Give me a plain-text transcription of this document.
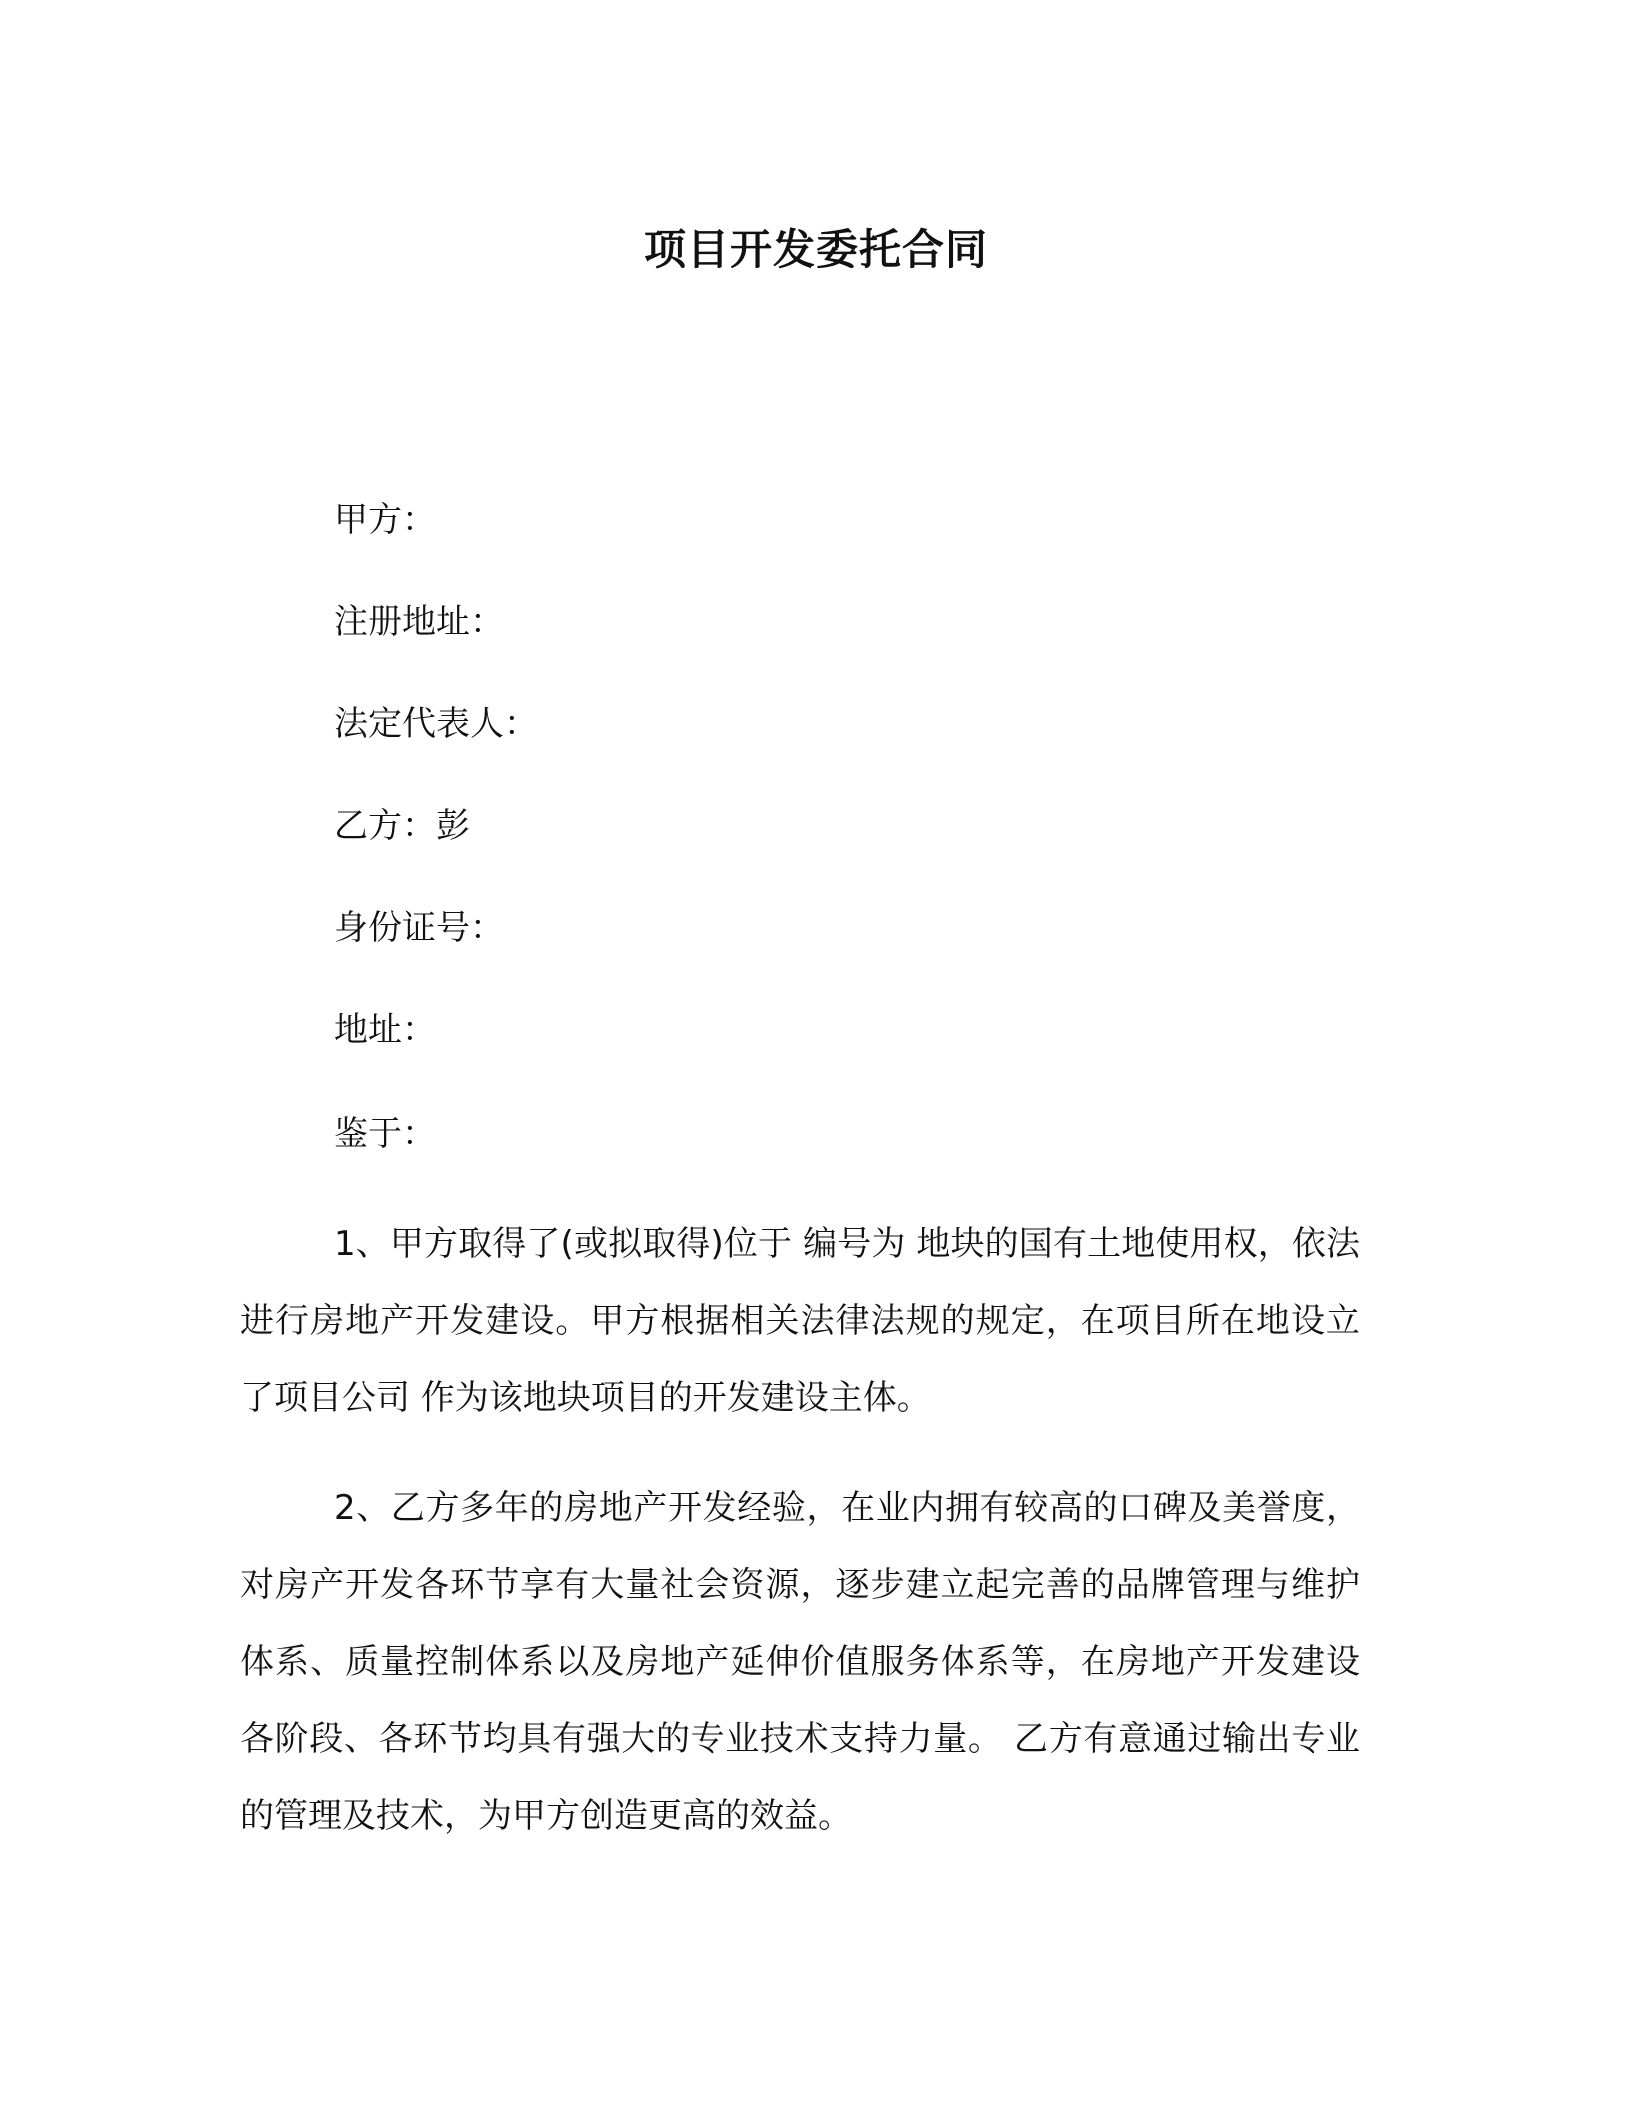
项目开发委托合同
甲方：
注册地址：
法定代表人：
乙方：彭
身份证号：
地址：
鉴于：

1、甲方取得了(或拟取得)位于 编号为 地块的国有土地使用权，依法进行房地产开发建设。甲方根据相关法律法规的规定，在项目所在地设立了项目公司 作为该地块项目的开发建设主体。

2、乙方多年的房地产开发经验，在业内拥有较高的口碑及美誉度，对房产开发各环节享有大量社会资源，逐步建立起完善的品牌管理与维护体系、质量控制体系以及房地产延伸价值服务体系等，在房地产开发建设各阶段、各环节均具有强大的专业技术支持力量。 乙方有意通过输出专业的管理及技术，为甲方创造更高的效益。
